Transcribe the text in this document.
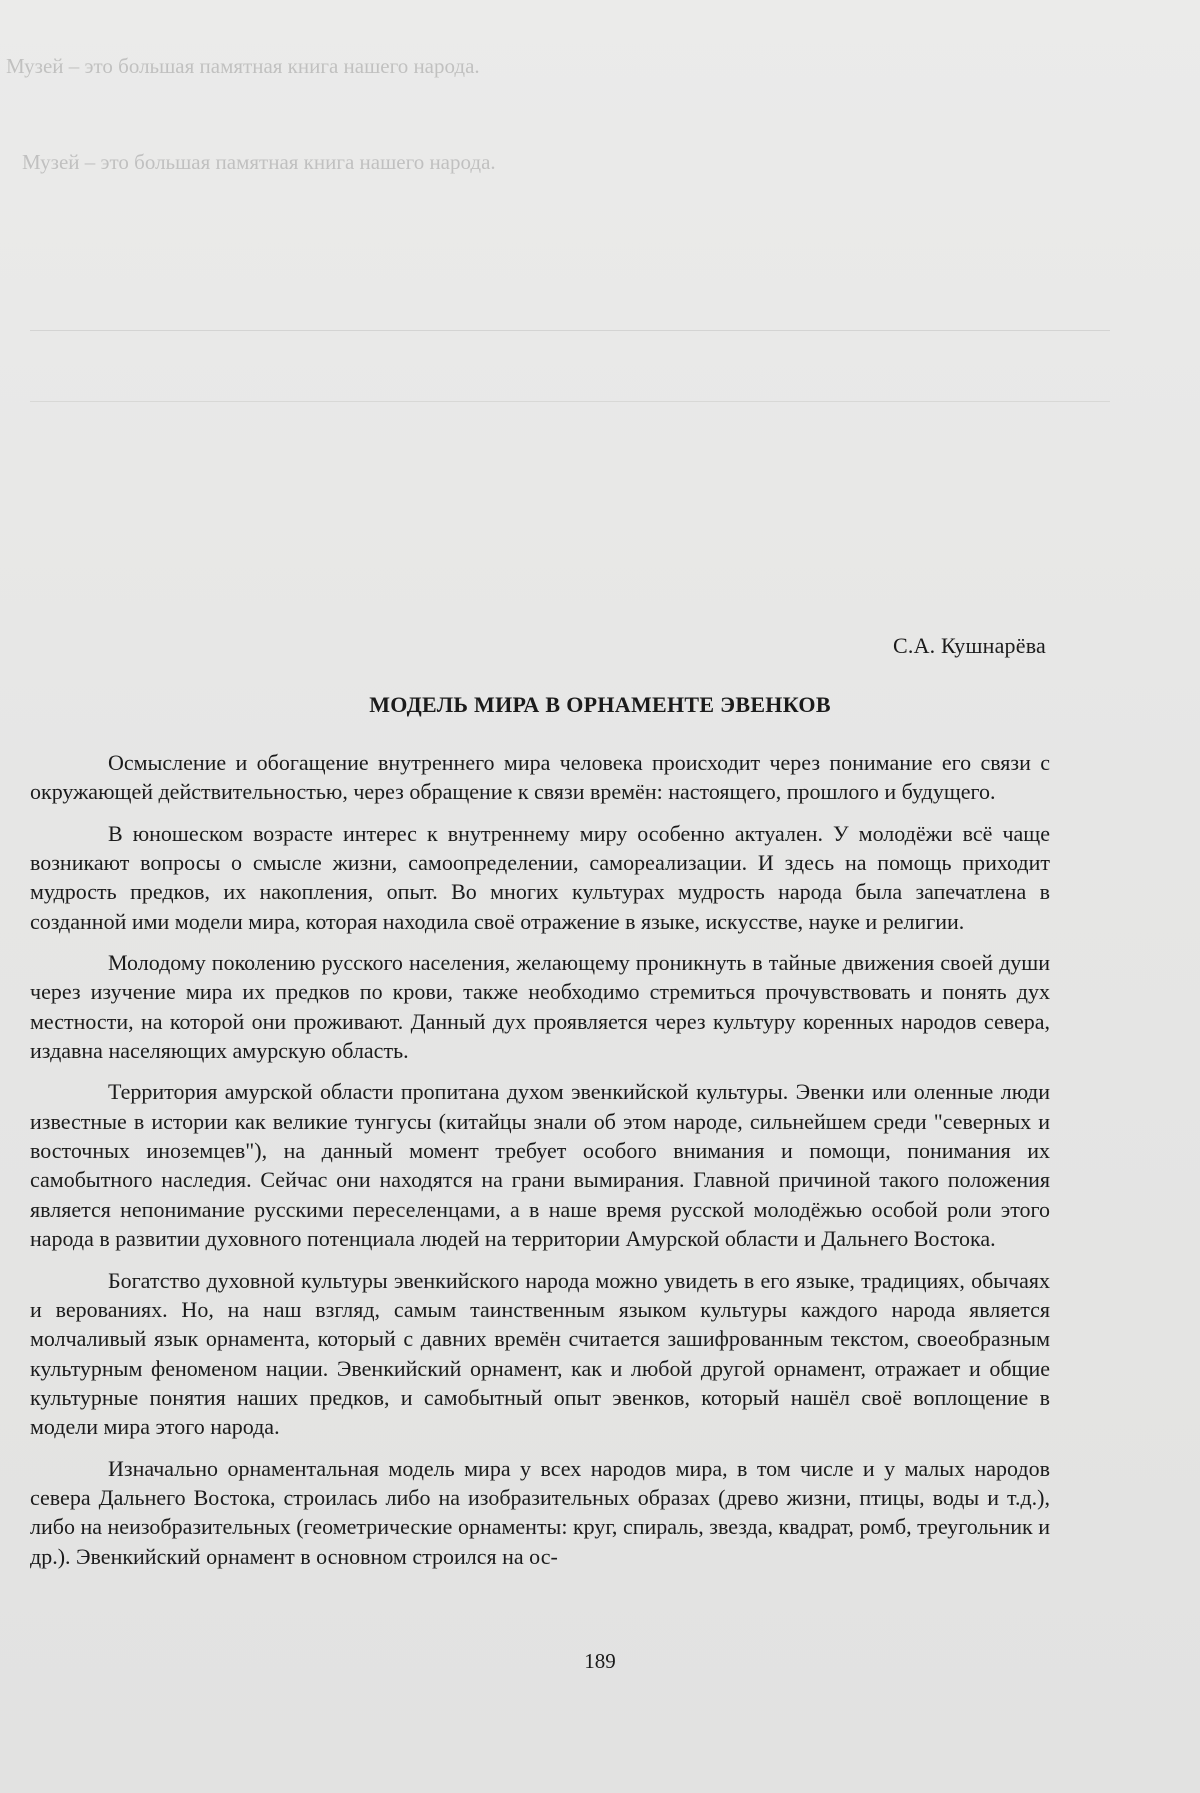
Музей – это большая памятная книга нашего народа.
Музей – это большая памятная книга нашего народа.
С.А. Кушнарёва
МОДЕЛЬ МИРА В ОРНАМЕНТЕ ЭВЕНКОВ

Осмысление и обогащение внутреннего мира человека происходит через понимание его связи с окружающей действительностью, через обращение к связи времён: настоящего, прошлого и будущего.

В юношеском возрасте интерес к внутреннему миру особенно актуален. У молодёжи всё чаще возникают вопросы о смысле жизни, самоопределении, самореализации. И здесь на помощь приходит мудрость предков, их накопления, опыт. Во многих культурах мудрость народа была запечатлена в созданной ими модели мира, которая находила своё отражение в языке, искусстве, науке и религии.

Молодому поколению русского населения, желающему проникнуть в тайные движения своей души через изучение мира их предков по крови, также необходимо стремиться прочувствовать и понять дух местности, на которой они проживают. Данный дух проявляется через культуру коренных народов севера, издавна населяющих амурскую область.

Территория амурской области пропитана духом эвенкийской культуры. Эвенки или оленные люди известные в истории как великие тунгусы (китайцы знали об этом народе, сильнейшем среди "северных и восточных иноземцев"), на данный момент требует особого внимания и помощи, понимания их самобытного наследия. Сейчас они находятся на грани вымирания. Главной причиной такого положения является непонимание русскими переселенцами, а в наше время русской молодёжью особой роли этого народа в развитии духовного потенциала людей на территории Амурской области и Дальнего Востока.

Богатство духовной культуры эвенкийского народа можно увидеть в его языке, традициях, обычаях и верованиях. Но, на наш взгляд, самым таинственным языком культуры каждого народа является молчаливый язык орнамента, который с давних времён считается зашифрованным текстом, своеобразным культурным феноменом нации. Эвенкийский орнамент, как и любой другой орнамент, отражает и общие культурные понятия наших предков, и самобытный опыт эвенков, который нашёл своё воплощение в модели мира этого народа.

Изначально орнаментальная модель мира у всех народов мира, в том числе и у малых народов севера Дальнего Востока, строилась либо на изобразительных образах (древо жизни, птицы, воды и т.д.), либо на неизобразительных (геометрические орнаменты: круг, спираль, звезда, квадрат, ромб, треугольник и др.). Эвенкийский орнамент в основном строился на ос-

189
